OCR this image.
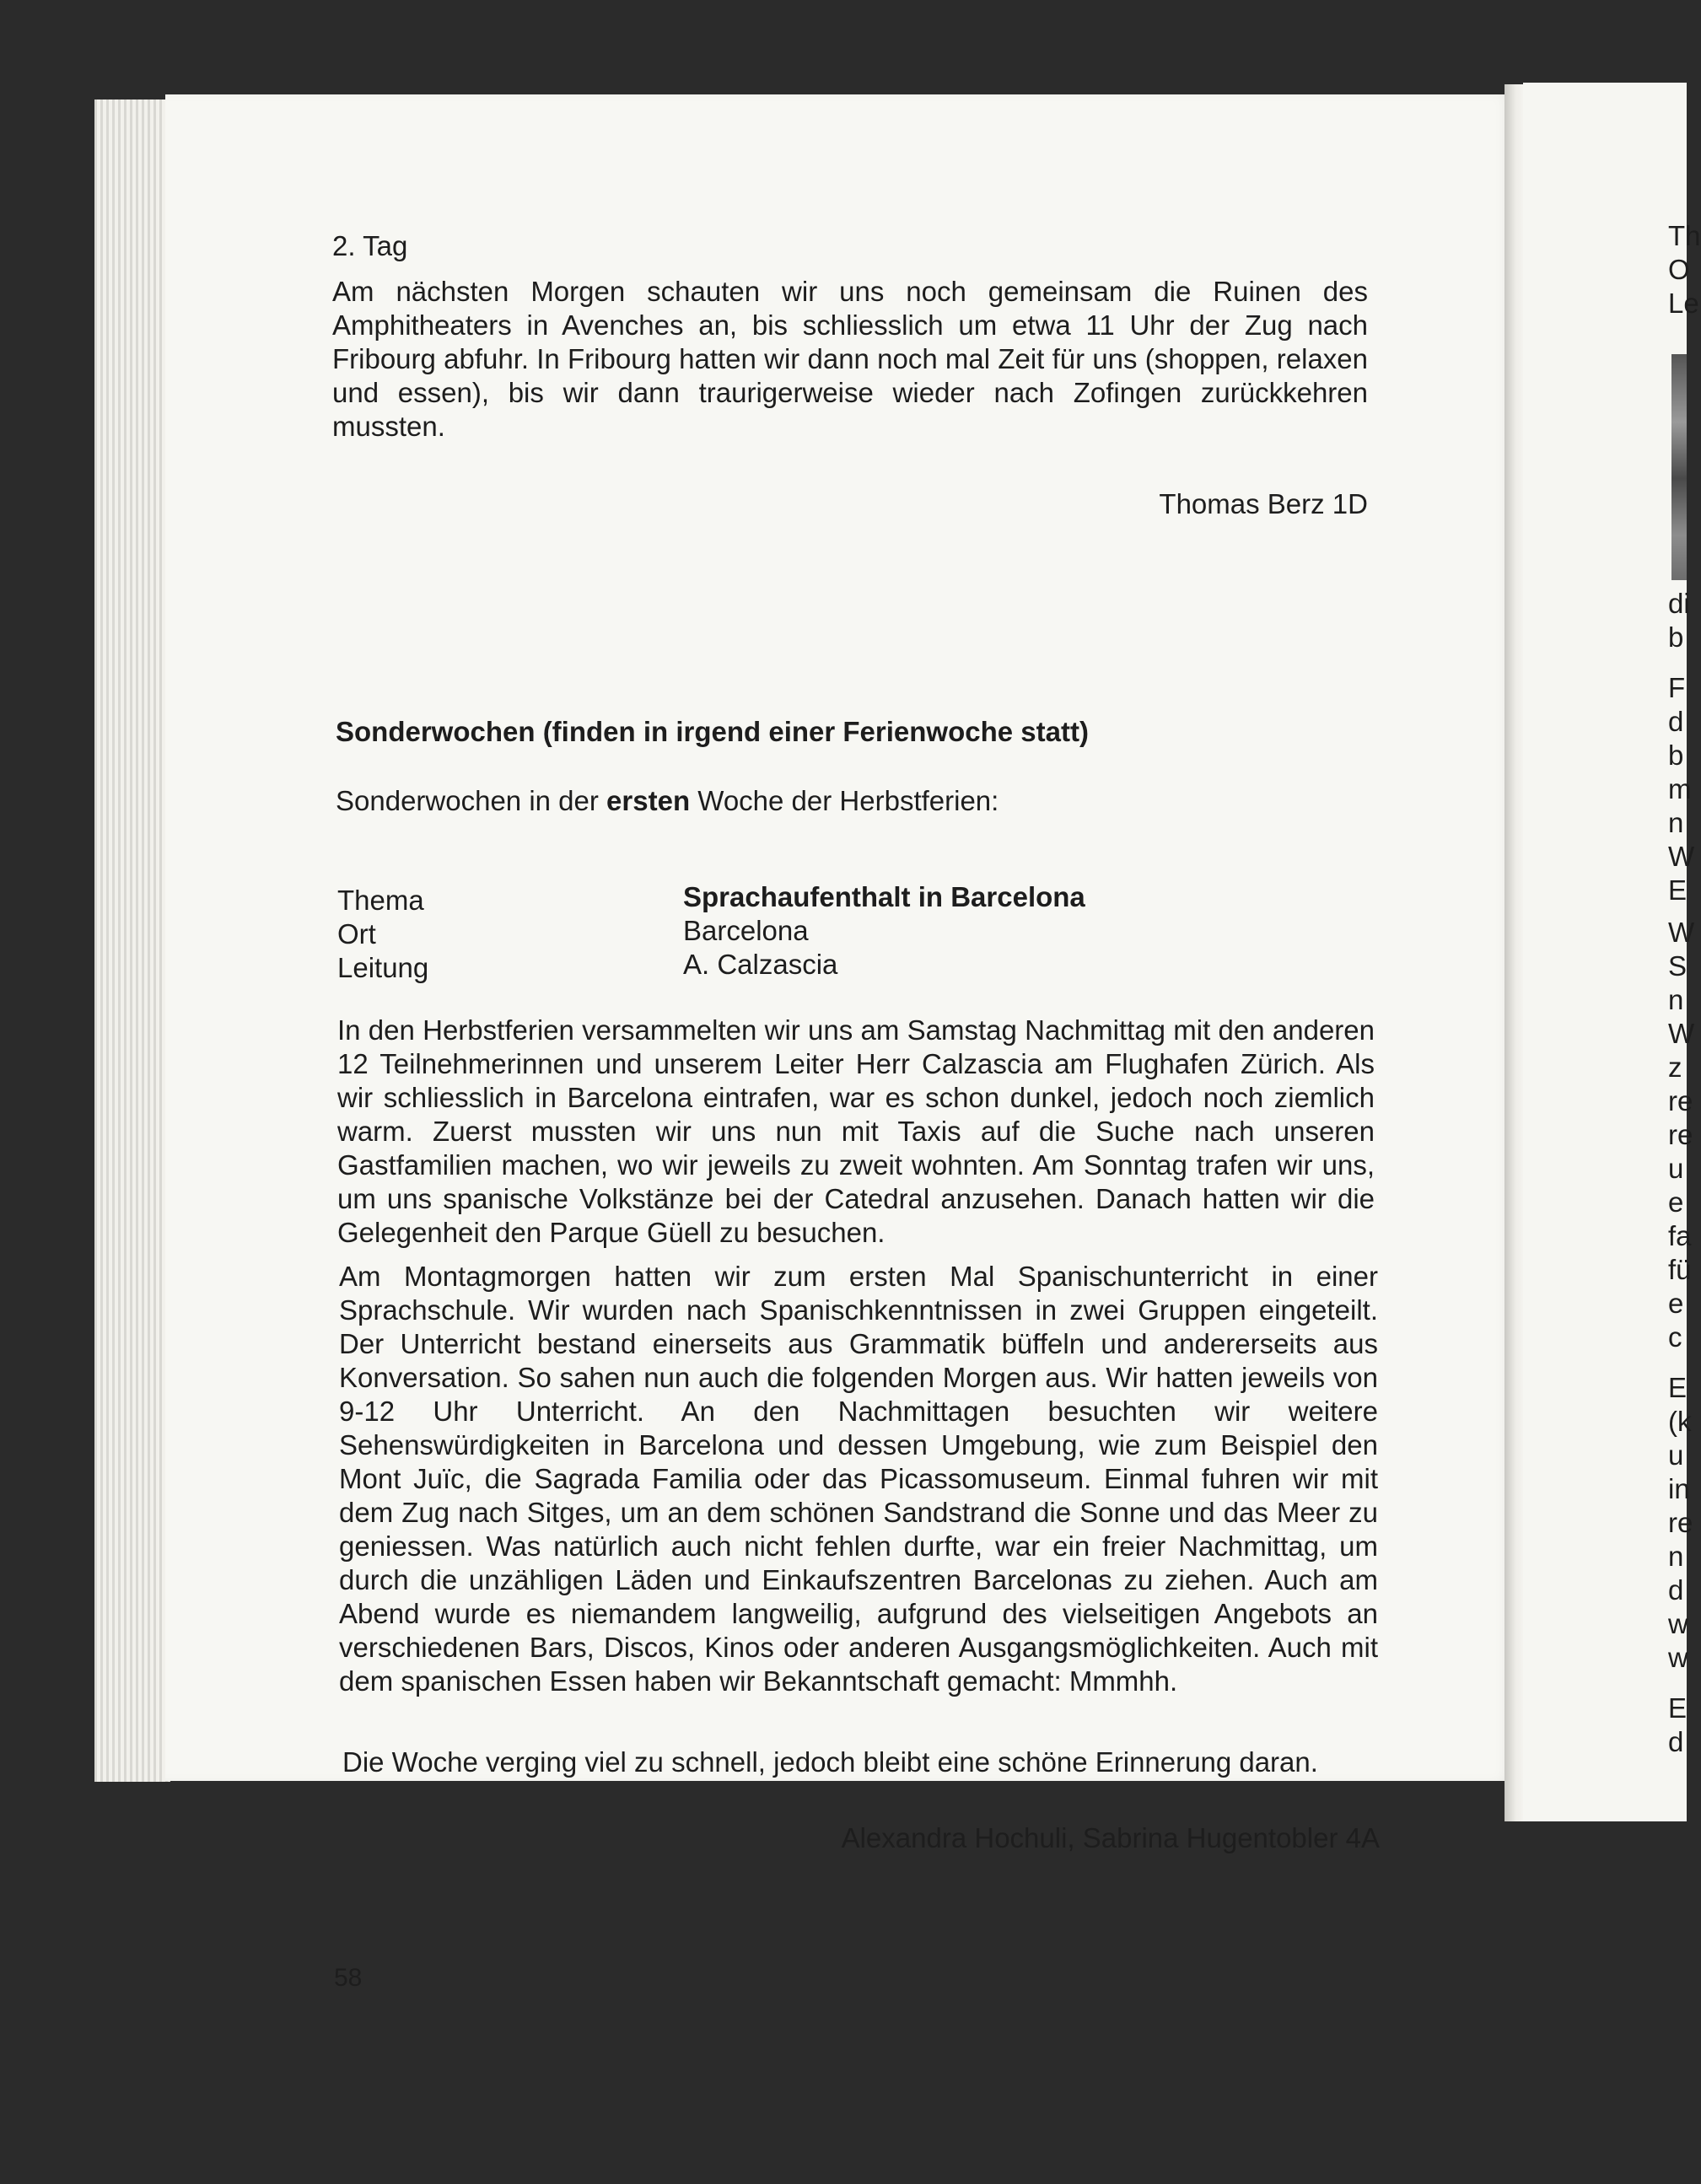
2. Tag

Am nächsten Morgen schauten wir uns noch gemeinsam die Ruinen des Amphitheaters in Avenches an, bis schliesslich um etwa 11 Uhr der Zug nach Fribourg abfuhr. In Fribourg hatten wir dann noch mal Zeit für uns (shoppen, relaxen und essen), bis wir dann traurigerweise wieder nach Zofingen zurückkehren mussten.

Thomas Berz 1D

Sonderwochen (finden in irgend einer Ferienwoche statt)

Sonderwochen in der ersten Woche der Herbstferien:

Thema	Sprachaufenthalt in Barcelona

Ort	Barcelona

Leitung	A. Calzascia

In den Herbstferien versammelten wir uns am Samstag Nachmittag mit den anderen 12 Teilnehmerinnen und unserem Leiter Herr Calzascia am Flughafen Zürich. Als wir schliesslich in Barcelona eintrafen, war es schon dunkel, jedoch noch ziemlich warm. Zuerst mussten wir uns nun mit Taxis auf die Suche nach unseren Gastfamilien machen, wo wir jeweils zu zweit wohnten. Am Sonntag trafen wir uns, um uns spanische Volkstänze bei der Catedral anzusehen. Danach hatten wir die Gelegenheit den Parque Güell zu besuchen.

Am Montagmorgen hatten wir zum ersten Mal Spanischunterricht in einer Sprachschule. Wir wurden nach Spanischkenntnissen in zwei Gruppen eingeteilt. Der Unterricht bestand einerseits aus Grammatik büffeln und andererseits aus Konversation. So sahen nun auch die folgenden Morgen aus. Wir hatten jeweils von 9-12 Uhr Unterricht. An den Nachmittagen besuchten wir weitere Sehenswürdigkeiten in Barcelona und dessen Umgebung, wie zum Beispiel den Mont Juïc, die Sagrada Familia oder das Picassomuseum. Einmal fuhren wir mit dem Zug nach Sitges, um an dem schönen Sandstrand die Sonne und das Meer zu geniessen. Was natürlich auch nicht fehlen durfte, war ein freier Nachmittag, um durch die unzähligen Läden und Einkaufszentren Barcelonas zu ziehen. Auch am Abend wurde es niemandem langweilig, aufgrund des vielseitigen Angebots an verschiedenen Bars, Discos, Kinos oder anderen Ausgangsmöglichkeiten. Auch mit dem spanischen Essen haben wir Bekanntschaft gemacht: Mmmhh.

Die Woche verging viel zu schnell, jedoch bleibt eine schöne Erinnerung daran.

Alexandra Hochuli, Sabrina Hugentobler 4A

58

Th

O

Le

di

b

F

d

b

m

n

W

E

W

S

n

W

z

re

re

u

e

fa

fü

e

c

E

(k

u

in

re

n

d

w

w

E

d
